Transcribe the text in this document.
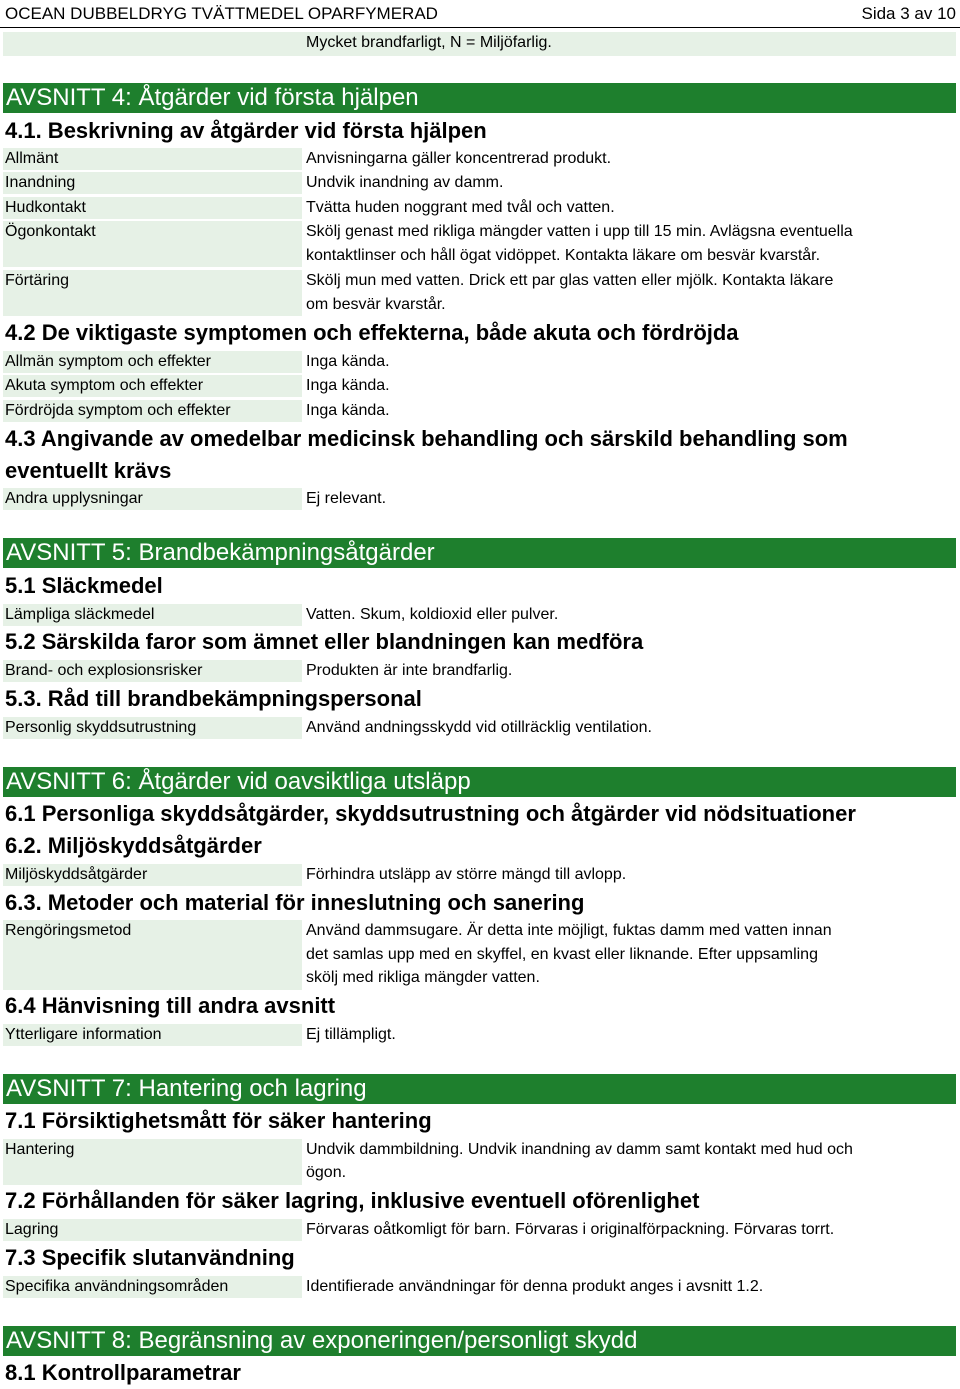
OCEAN DUBBELDRYG TVÄTTMEDEL OPARFYMERAD	Sida 3 av 10
Mycket brandfarligt, N = Miljöfarlig.
AVSNITT 4: Åtgärder vid första hjälpen
4.1. Beskrivning av åtgärder vid första hjälpen
Allmänt	Anvisningarna gäller koncentrerad produkt.
Inandning	Undvik inandning av damm.
Hudkontakt	Tvätta huden noggrant med tvål och vatten.
Ögonkontakt	Skölj genast med rikliga mängder vatten i upp till 15 min. Avlägsna eventuella
kontaktlinser och håll ögat vidöppet. Kontakta läkare om besvär kvarstår.
Förtäring	Skölj mun med vatten. Drick ett par glas vatten eller mjölk. Kontakta läkare
om besvär kvarstår.
4.2 De viktigaste symptomen och effekterna, både akuta och fördröjda
Allmän symptom och effekter	Inga kända.
Akuta symptom och effekter	Inga kända.
Fördröjda symptom och effekter	Inga kända.
4.3 Angivande av omedelbar medicinsk behandling och särskild behandling som
eventuellt krävs
Andra upplysningar	Ej relevant.
AVSNITT 5: Brandbekämpningsåtgärder
5.1 Släckmedel
Lämpliga släckmedel	Vatten. Skum, koldioxid eller pulver.
5.2 Särskilda faror som ämnet eller blandningen kan medföra
Brand- och explosionsrisker	Produkten är inte brandfarlig.
5.3. Råd till brandbekämpningspersonal
Personlig skyddsutrustning	Använd andningsskydd vid otillräcklig ventilation.
AVSNITT 6: Åtgärder vid oavsiktliga utsläpp
6.1 Personliga skyddsåtgärder, skyddsutrustning och åtgärder vid nödsituationer
6.2. Miljöskyddsåtgärder
Miljöskyddsåtgärder	Förhindra utsläpp av större mängd till avlopp.
6.3. Metoder och material för inneslutning och sanering
Rengöringsmetod	Använd dammsugare. Är detta inte möjligt, fuktas damm med vatten innan
det samlas upp med en skyffel, en kvast eller liknande. Efter uppsamling
skölj med rikliga mängder vatten.
6.4 Hänvisning till andra avsnitt
Ytterligare information	Ej tillämpligt.
AVSNITT 7: Hantering och lagring
7.1 Försiktighetsmått för säker hantering
Hantering	Undvik dammbildning. Undvik inandning av damm samt kontakt med hud och
ögon.
7.2 Förhållanden för säker lagring, inklusive eventuell oförenlighet
Lagring	Förvaras oåtkomligt för barn. Förvaras i originalförpackning. Förvaras torrt.
7.3 Specifik slutanvändning
Specifika användningsområden	Identifierade användningar för denna produkt anges i avsnitt 1.2.
AVSNITT 8: Begränsning av exponeringen/personligt skydd
8.1 Kontrollparametrar
